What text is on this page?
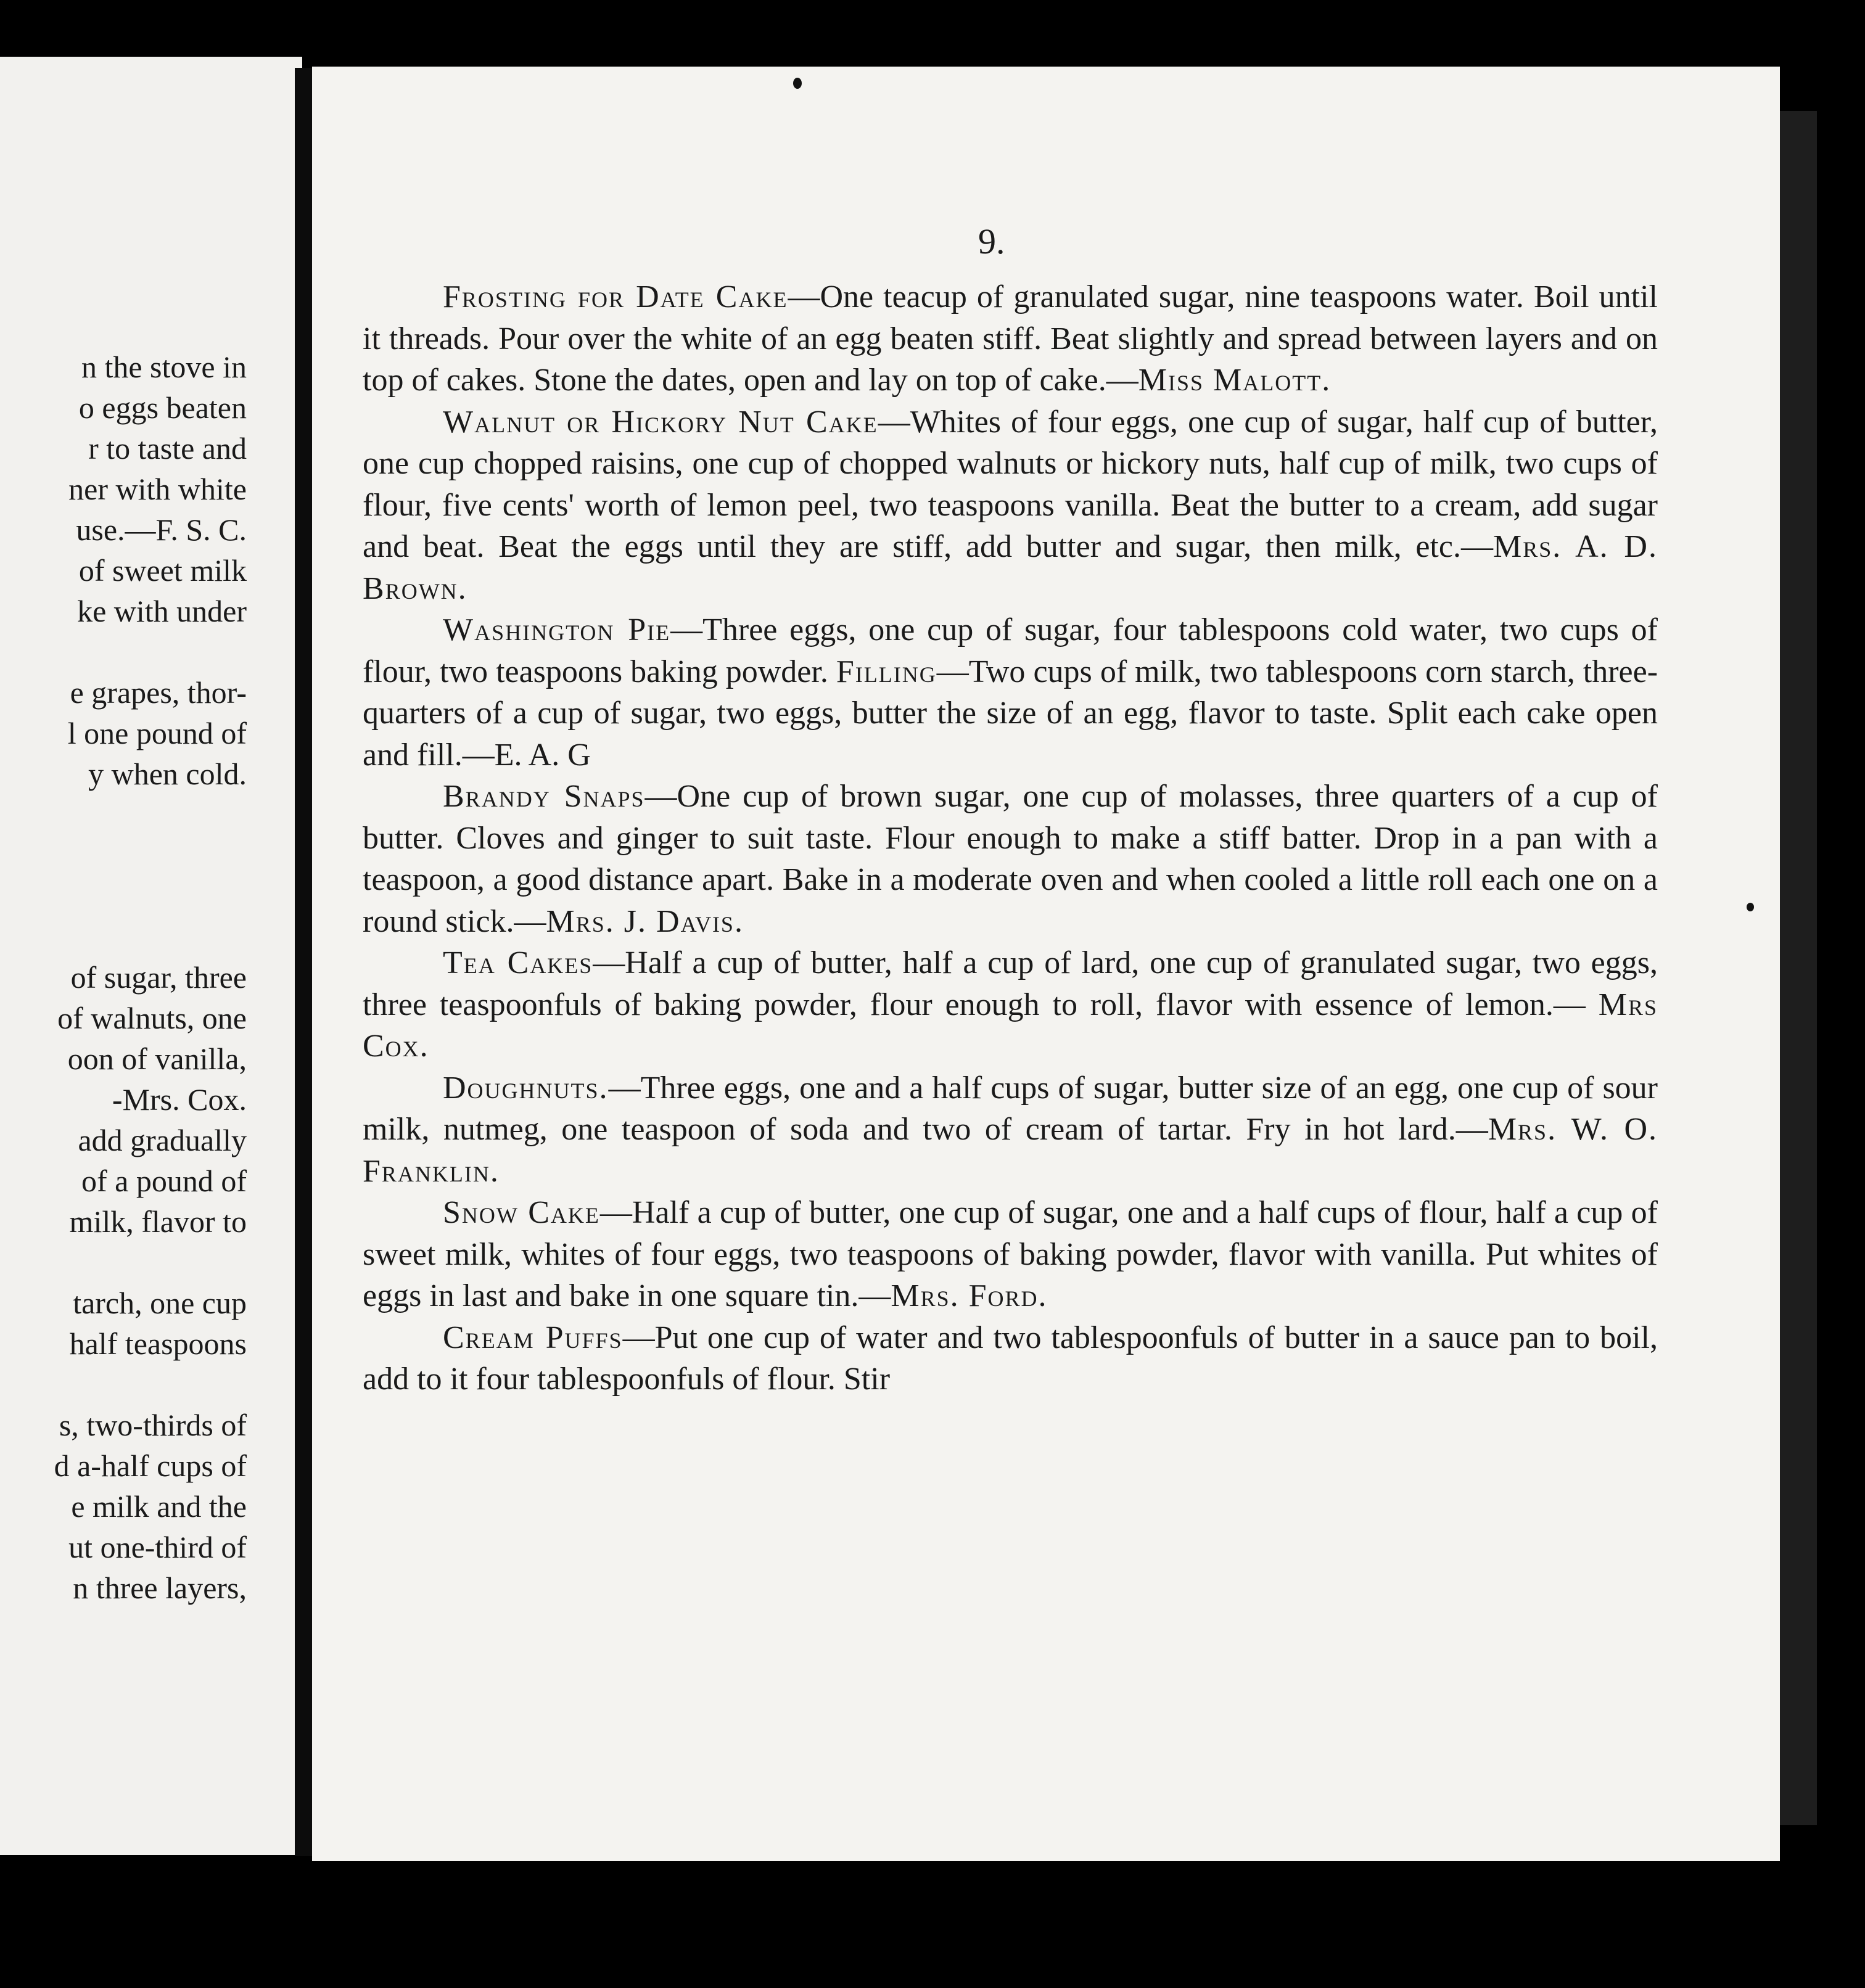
n the stove in
o eggs beaten
r to taste and
ner with white
use.—F. S. C.
of sweet milk
ke with under
e grapes, thor-
l one pound of
y when cold.
of sugar, three
of walnuts, one
oon of vanilla,
-Mrs. Cox.
add gradually
of a pound of
milk, flavor to
tarch, one cup
half teaspoons
s, two-thirds of
d a-half cups of
e milk and the
ut one-third of
n three layers,
9.

Frosting for Date Cake—One teacup of granulated sugar, nine teaspoons water. Boil until it threads. Pour over the white of an egg beaten stiff. Beat slightly and spread between layers and on top of cakes. Stone the dates, open and lay on top of cake.—Miss Malott.

Walnut or Hickory Nut Cake—Whites of four eggs, one cup of sugar, half cup of butter, one cup chopped raisins, one cup of chopped walnuts or hickory nuts, half cup of milk, two cups of flour, five cents' worth of lemon peel, two teaspoons vanilla. Beat the butter to a cream, add sugar and beat. Beat the eggs until they are stiff, add butter and sugar, then milk, etc.—Mrs. A. D. Brown.

Washington Pie—Three eggs, one cup of sugar, four tablespoons cold water, two cups of flour, two teaspoons baking powder. Filling—Two cups of milk, two tablespoons corn starch, three-quarters of a cup of sugar, two eggs, butter the size of an egg, flavor to taste. Split each cake open and fill.—E. A. G

Brandy Snaps—One cup of brown sugar, one cup of molasses, three quarters of a cup of butter. Cloves and ginger to suit taste. Flour enough to make a stiff batter. Drop in a pan with a teaspoon, a good distance apart. Bake in a moderate oven and when cooled a little roll each one on a round stick.—Mrs. J. Davis.

Tea Cakes—Half a cup of butter, half a cup of lard, one cup of granulated sugar, two eggs, three teaspoonfuls of baking powder, flour enough to roll, flavor with essence of lemon.— Mrs Cox.

Doughnuts.—Three eggs, one and a half cups of sugar, butter size of an egg, one cup of sour milk, nutmeg, one teaspoon of soda and two of cream of tartar. Fry in hot lard.—Mrs. W. O. Franklin.

Snow Cake—Half a cup of butter, one cup of sugar, one and a half cups of flour, half a cup of sweet milk, whites of four eggs, two teaspoons of baking powder, flavor with vanilla. Put whites of eggs in last and bake in one square tin.—Mrs. Ford.

Cream Puffs—Put one cup of water and two tablespoonfuls of butter in a sauce pan to boil, add to it four tablespoonfuls of flour. Stir
